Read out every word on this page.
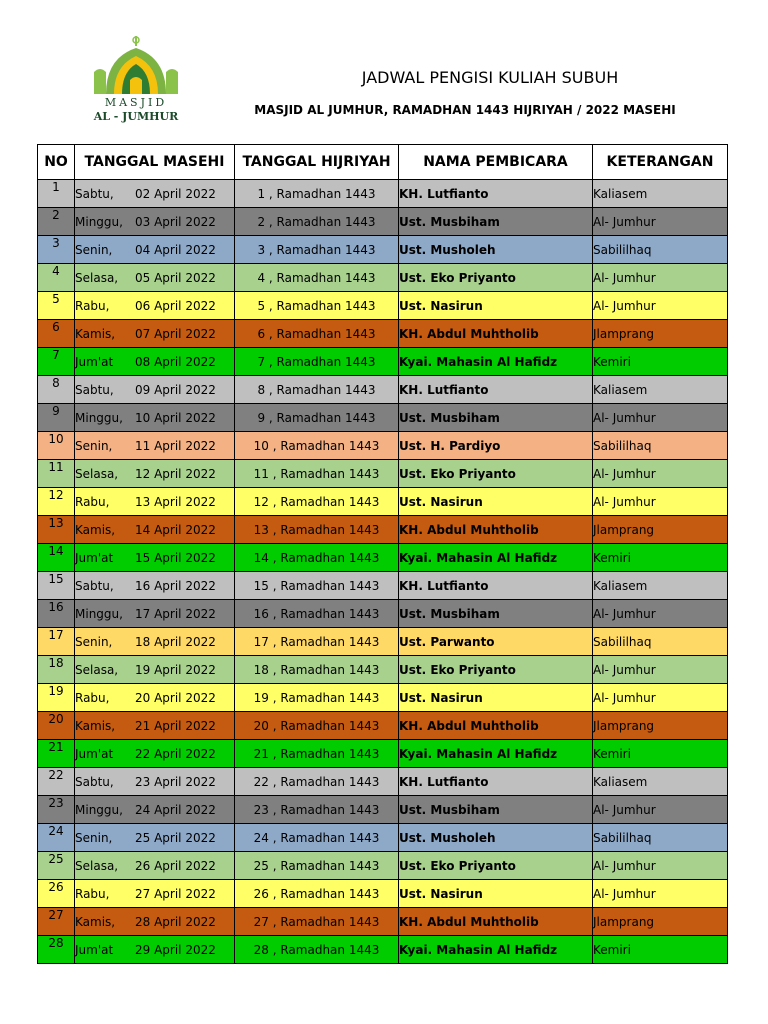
MASJID
AL - JUMHUR
JADWAL PENGISI KULIAH SUBUH
MASJID AL JUMHUR, RAMADHAN 1443 HIJRIYAH / 2022 MASEHI
NO	TANGGAL MASEHI	TANGGAL HIJRIYAH	NAMA PEMBICARA	KETERANGAN
1	Sabtu, 02 April 2022	1 , Ramadhan 1443	KH. Lutfianto	Kaliasem
2	Minggu, 03 April 2022	2 , Ramadhan 1443	Ust. Musbiham	Al- Jumhur
3	Senin, 04 April 2022	3 , Ramadhan 1443	Ust. Musholeh	Sabililhaq
4	Selasa, 05 April 2022	4 , Ramadhan 1443	Ust. Eko Priyanto	Al- Jumhur
5	Rabu, 06 April 2022	5 , Ramadhan 1443	Ust. Nasirun	Al- Jumhur
6	Kamis, 07 April 2022	6 , Ramadhan 1443	KH. Abdul Muhtholib	Jlamprang
7	Jum'at 08 April 2022	7 , Ramadhan 1443	Kyai. Mahasin Al Hafidz	Kemiri
8	Sabtu, 09 April 2022	8 , Ramadhan 1443	KH. Lutfianto	Kaliasem
9	Minggu, 10 April 2022	9 , Ramadhan 1443	Ust. Musbiham	Al- Jumhur
10	Senin, 11 April 2022	10 , Ramadhan 1443	Ust. H. Pardiyo	Sabililhaq
11	Selasa, 12 April 2022	11 , Ramadhan 1443	Ust. Eko Priyanto	Al- Jumhur
12	Rabu, 13 April 2022	12 , Ramadhan 1443	Ust. Nasirun	Al- Jumhur
13	Kamis, 14 April 2022	13 , Ramadhan 1443	KH. Abdul Muhtholib	Jlamprang
14	Jum'at 15 April 2022	14 , Ramadhan 1443	Kyai. Mahasin Al Hafidz	Kemiri
15	Sabtu, 16 April 2022	15 , Ramadhan 1443	KH. Lutfianto	Kaliasem
16	Minggu, 17 April 2022	16 , Ramadhan 1443	Ust. Musbiham	Al- Jumhur
17	Senin, 18 April 2022	17 , Ramadhan 1443	Ust. Parwanto	Sabililhaq
18	Selasa, 19 April 2022	18 , Ramadhan 1443	Ust. Eko Priyanto	Al- Jumhur
19	Rabu, 20 April 2022	19 , Ramadhan 1443	Ust. Nasirun	Al- Jumhur
20	Kamis, 21 April 2022	20 , Ramadhan 1443	KH. Abdul Muhtholib	Jlamprang
21	Jum'at 22 April 2022	21 , Ramadhan 1443	Kyai. Mahasin Al Hafidz	Kemiri
22	Sabtu, 23 April 2022	22 , Ramadhan 1443	KH. Lutfianto	Kaliasem
23	Minggu, 24 April 2022	23 , Ramadhan 1443	Ust. Musbiham	Al- Jumhur
24	Senin, 25 April 2022	24 , Ramadhan 1443	Ust. Musholeh	Sabililhaq
25	Selasa, 26 April 2022	25 , Ramadhan 1443	Ust. Eko Priyanto	Al- Jumhur
26	Rabu, 27 April 2022	26 , Ramadhan 1443	Ust. Nasirun	Al- Jumhur
27	Kamis, 28 April 2022	27 , Ramadhan 1443	KH. Abdul Muhtholib	Jlamprang
28	Jum'at 29 April 2022	28 , Ramadhan 1443	Kyai. Mahasin Al Hafidz	Kemiri
